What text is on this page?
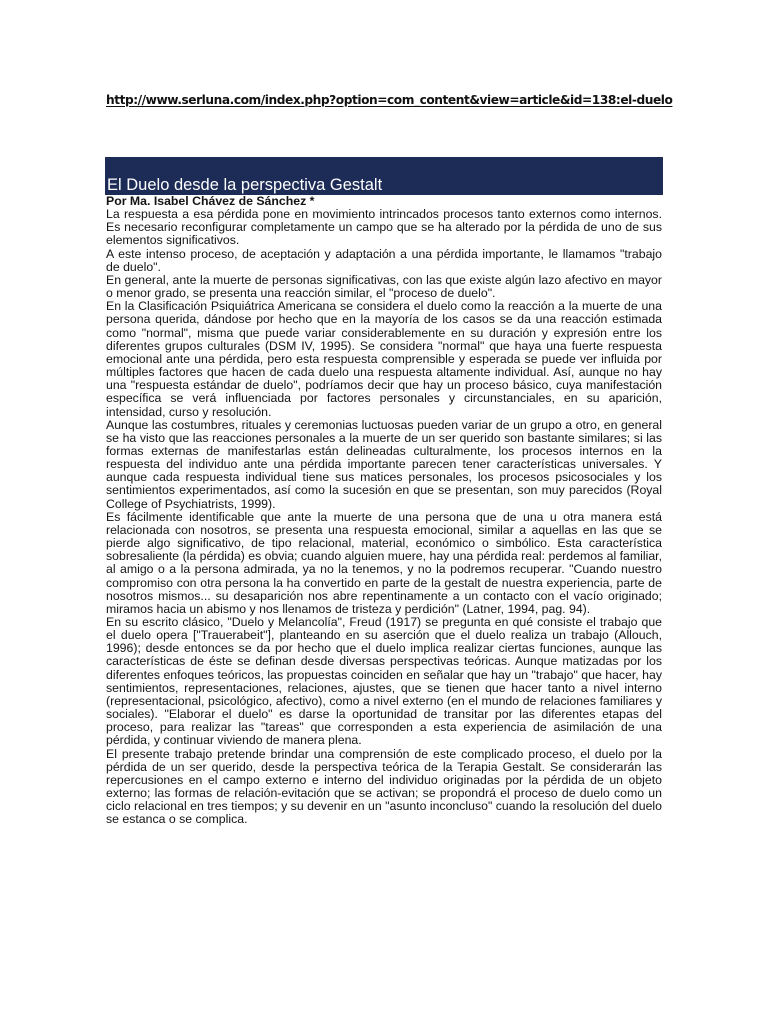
http://www.serluna.com/index.php?option=com_content&view=article&id=138:el-duelo
El Duelo desde la perspectiva Gestalt

Por Ma. Isabel Chávez de Sánchez *

La respuesta a esa pérdida pone en movimiento intrincados procesos tanto externos como internos. Es necesario reconfigurar completamente un campo que se ha alterado por la pérdida de uno de sus elementos significativos.

A este intenso proceso, de aceptación y adaptación a una pérdida importante, le llamamos "trabajo de duelo".

En general, ante la muerte de personas significativas, con las que existe algún lazo afectivo en mayor o menor grado, se presenta una reacción similar, el "proceso de duelo".

En la Clasificación Psiquiátrica Americana se considera el duelo como la reacción a la muerte de una persona querida, dándose por hecho que en la mayoría de los casos se da una reacción estimada como "normal", misma que puede variar considerablemente en su duración y expresión entre los diferentes grupos culturales (DSM IV, 1995). Se considera "normal" que haya una fuerte respuesta emocional ante una pérdida, pero esta respuesta comprensible y esperada se puede ver influida por múltiples factores que hacen de cada duelo una respuesta altamente individual. Así, aunque no hay una "respuesta estándar de duelo", podríamos decir que hay un proceso básico, cuya manifestación específica se verá influenciada por factores personales y circunstanciales, en su aparición, intensidad, curso y resolución.

Aunque las costumbres, rituales y ceremonias luctuosas pueden variar de un grupo a otro, en general se ha visto que las reacciones personales a la muerte de un ser querido son bastante similares; si las formas externas de manifestarlas están delineadas culturalmente, los procesos internos en la respuesta del individuo ante una pérdida importante parecen tener características universales. Y aunque cada respuesta individual tiene sus matices personales, los procesos psicosociales y los sentimientos experimentados, así como la sucesión en que se presentan, son muy parecidos (Royal College of Psychiatrists, 1999).

Es fácilmente identificable que ante la muerte de una persona que de una u otra manera está relacionada con nosotros, se presenta una respuesta emocional, similar a aquellas en las que se pierde algo significativo, de tipo relacional, material, económico o simbólico. Esta característica sobresaliente (la pérdida) es obvia; cuando alguien muere, hay una pérdida real: perdemos al familiar, al amigo o a la persona admirada, ya no la tenemos, y no la podremos recuperar. "Cuando nuestro compromiso con otra persona la ha convertido en parte de la gestalt de nuestra experiencia, parte de nosotros mismos... su desaparición nos abre repentinamente a un contacto con el vacío originado; miramos hacia un abismo y nos llenamos de tristeza y perdición" (Latner, 1994, pag. 94).

En su escrito clásico, "Duelo y Melancolía", Freud (1917) se pregunta en qué consiste el trabajo que el duelo opera ["Trauerabeit"], planteando en su aserción que el duelo realiza un trabajo (Allouch, 1996); desde entonces se da por hecho que el duelo implica realizar ciertas funciones, aunque las características de éste se definan desde diversas perspectivas teóricas. Aunque matizadas por los diferentes enfoques teóricos, las propuestas coinciden en señalar que hay un "trabajo" que hacer, hay sentimientos, representaciones, relaciones, ajustes, que se tienen que hacer tanto a nivel interno (representacional, psicológico, afectivo), como a nivel externo (en el mundo de relaciones familiares y sociales). "Elaborar el duelo" es darse la oportunidad de transitar por las diferentes etapas del proceso, para realizar las "tareas" que corresponden a esta experiencia de asimilación de una pérdida, y continuar viviendo de manera plena.

El presente trabajo pretende brindar una comprensión de este complicado proceso, el duelo por la pérdida de un ser querido, desde la perspectiva teórica de la Terapia Gestalt. Se considerarán las repercusiones en el campo externo e interno del individuo originadas por la pérdida de un objeto externo; las formas de relación-evitación que se activan; se propondrá el proceso de duelo como un ciclo relacional en tres tiempos; y su devenir en un "asunto inconcluso" cuando la resolución del duelo se estanca o se complica.
